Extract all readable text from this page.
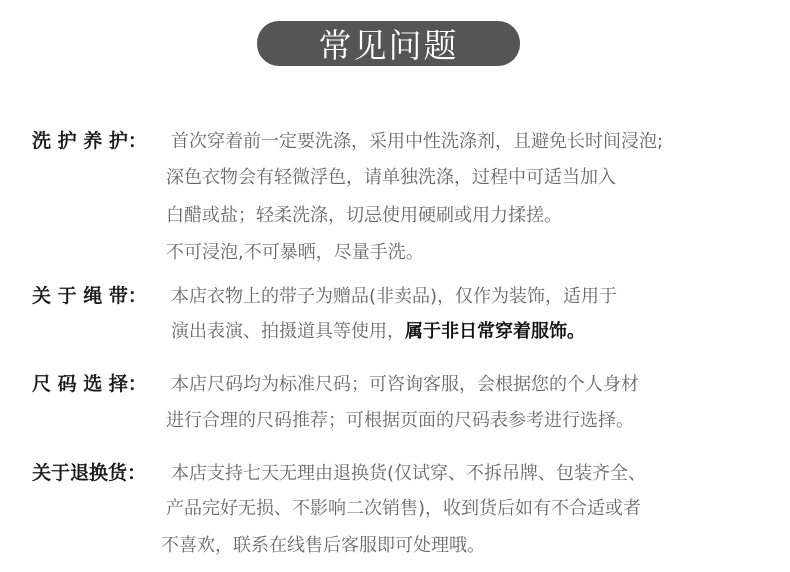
常见问题
洗 护 养 护： 首次穿着前一定要洗涤，采用中性洗涤剂，且避免长时间浸泡;
深色衣物会有轻微浮色，请单独洗涤，过程中可适当加入
白醋或盐；轻柔洗涤，切忌使用硬刷或用力揉搓。
不可浸泡,不可暴晒，尽量手洗。
关 于 绳 带： 本店衣物上的带子为赠品(非卖品)，仅作为装饰，适用于
演出表演、拍摄道具等使用，属于非日常穿着服饰。
尺 码 选 择： 本店尺码均为标准尺码；可咨询客服，会根据您的个人身材
进行合理的尺码推荐；可根据页面的尺码表参考进行选择。
关于退换货： 本店支持七天无理由退换货(仅试穿、不拆吊牌、包装齐全、
产品完好无损、不影响二次销售)，收到货后如有不合适或者
不喜欢，联系在线售后客服即可处理哦。
